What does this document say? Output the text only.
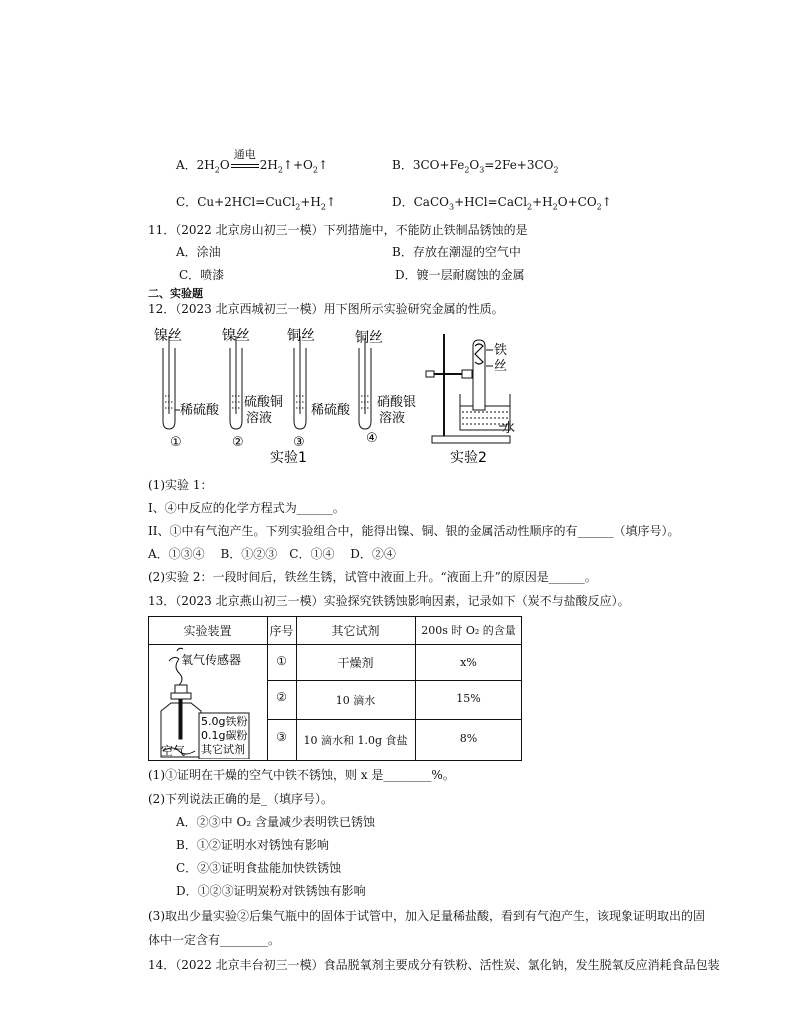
A．$2H_2O$
通电
$2H_2↑+O_2↑$	B．$3CO+Fe_2O_3=2Fe+3CO_2$
C．$Cu+2HCl=CuCl_2+H_2↑$	D．$CaCO_3+HCl=CaCl_2+H_2O+CO_2↑$
11．（2022 北京房山初三一模）下列措施中，不能防止铁制品锈蚀的是
A．涂油	B．存放在潮湿的空气中
C．喷漆	D．镀一层耐腐蚀的金属
二、实验题
12．（2023 北京西城初三一模）用下图所示实验研究金属的性质。
镍丝
稀硫酸
①
镍丝
硫酸铜
溶液
②
铜丝
稀硫酸
③
铜丝
硝酸银
溶液
④
实验1
铁
丝
水
实验2
(1)实验 1：
I、④中反应的化学方程式为______。
II、①中有气泡产生。下列实验组合中，能得出镍、铜、银的金属活动性顺序的有______（填序号）。
A．①③④　 B．①②③　C．①④　 D．②④
(2)实验 2：一段时间后，铁丝生锈，试管中液面上升。“液面上升”的原因是______。
13．（2023 北京燕山初三一模）实验探究铁锈蚀影响因素，记录如下（炭不与盐酸反应）。
实验装置	序号	其它试剂	200s 时 O₂ 的含量
①	干燥剂	x%
②	10 滴水	15%
③	10 滴水和 1.0g 食盐	8%
氧气传感器
5.0g铁粉
0.1g碳粉
其它试剂
空气
(1)①证明在干燥的空气中铁不锈蚀，则 x 是________%。
(2)下列说法正确的是_（填序号）。
A．②③中 O₂ 含量减少表明铁已锈蚀
B．①②证明水对锈蚀有影响
C．②③证明食盐能加快铁锈蚀
D．①②③证明炭粉对铁锈蚀有影响
(3)取出少量实验②后集气瓶中的固体于试管中，加入足量稀盐酸，看到有气泡产生，该现象证明取出的固
体中一定含有________。
14．（2022 北京丰台初三一模）食品脱氧剂主要成分有铁粉、活性炭、氯化钠，发生脱氧反应消耗食品包装
